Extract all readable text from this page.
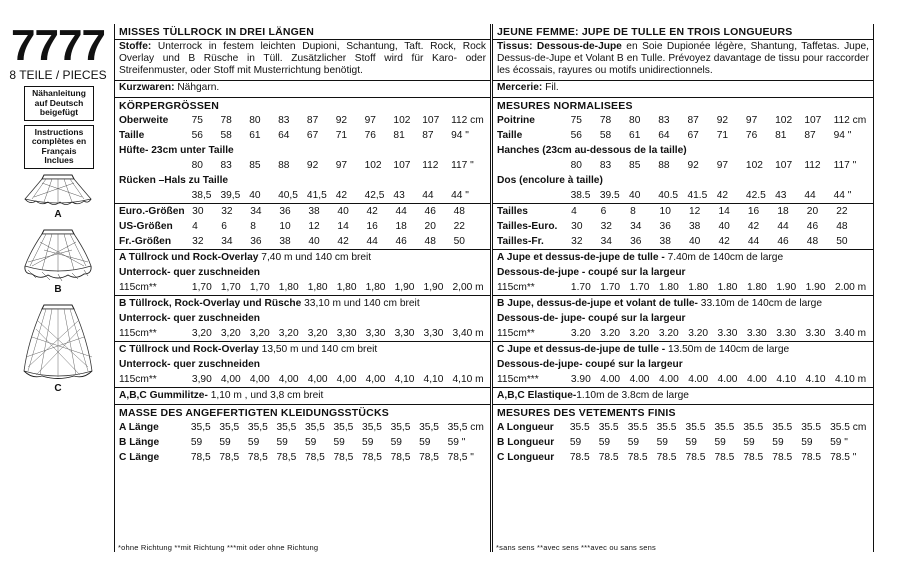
7777
8 TEILE / PIECES
Nähanleitung auf Deutsch beigefügt
Instructions complètes en Français Inclues
A
B
C
MISSES TÜLLROCK IN DREI LÄNGEN
Stoffe: Unterrock in festem leichten Dupioni, Schantung, Taft. Rock, Rock Overlay und B Rüsche in Tüll. Zusätzlicher Stoff wird für Karo- oder Streifenmuster, oder Stoff mit Musterrichtung benötigt.
Kurzwaren: Nähgarn.
KÖRPERGRÖSSEN
Oberweite	75	78	80	83	87	92	97	102	107	112 cm
Taille	56	58	61	64	67	71	76	81	87	94 "
Hüfte- 23cm unter Taille										
	80	83	85	88	92	97	102	107	112	117 "
Rücken –Hals zu Taille										
	38,5	39,5	40	40,5	41,5	42	42,5	43	44	44 "
Euro.-Größen	30	32	34	36	38	40	42	44	46	48
US-Größen	4	6	8	10	12	14	16	18	20	22
Fr.-Größen	32	34	36	38	40	42	44	46	48	50
A Tüllrock und Rock-Overlay 7,40 m und 140 cm breit
Unterrock- quer zuschneiden
115cm**	1,70	1,70	1,70	1,80	1,80	1,80	1,80	1,90	1,90	2,00 m
B Tüllrock, Rock-Overlay und Rüsche 33,10 m und 140 cm breit
Unterrock- quer zuschneiden
115cm**	3,20	3,20	3,20	3,20	3,20	3,30	3,30	3,30	3,30	3,40 m
C Tüllrock und Rock-Overlay 13,50 m und 140 cm breit
Unterrock- quer zuschneiden
115cm**	3,90	4,00	4,00	4,00	4,00	4,00	4,00	4,10	4,10	4,10 m
A,B,C Gummilitze- 1,10 m , und 3,8 cm breit
MASSE DES ANGEFERTIGTEN KLEIDUNGSSTÜCKS
A Länge	35,5	35,5	35,5	35,5	35,5	35,5	35,5	35,5	35,5	35,5 cm
B Länge	59	59	59	59	59	59	59	59	59	59 "
C Länge	78,5	78,5	78,5	78,5	78,5	78,5	78,5	78,5	78,5	78,5 "
JEUNE FEMME: JUPE DE TULLE EN TROIS LONGUEURS
Tissus: Dessous-de-Jupe en Soie Dupionée légère, Shantung, Taffetas. Jupe, Dessus-de-Jupe et Volant B en Tulle. Prévoyez davantage de tissu pour raccorder les écossais, rayures ou motifs unidirectionnels.
Mercerie: Fil.
MESURES NORMALISEES
Poitrine	75	78	80	83	87	92	97	102	107	112 cm
Taille	56	58	61	64	67	71	76	81	87	94 "
Hanches (23cm au-dessous de la taille)										
	80	83	85	88	92	97	102	107	112	117 "
Dos (encolure à taille)										
	38.5	39.5	40	40.5	41.5	42	42.5	43	44	44 "
Tailles	4	6	8	10	12	14	16	18	20	22
Tailles-Euro.	30	32	34	36	38	40	42	44	46	48
Tailles-Fr.	32	34	36	38	40	42	44	46	48	50
A Jupe et dessus-de-jupe de tulle - 7.40m de 140cm de large
Dessous-de-jupe - coupé sur la largeur
115cm**	1.70	1.70	1.70	1.80	1.80	1.80	1.80	1.90	1.90	2.00 m
B Jupe, dessus-de-jupe et volant de tulle- 33.10m de 140cm de large
Dessous-de- jupe- coupé sur la largeur
115cm**	3.20	3.20	3.20	3.20	3.20	3.30	3.30	3.30	3.30	3.40 m
C Jupe et dessus-de-jupe de tulle - 13.50m de 140cm de large
Dessous-de-jupe- coupé sur la largeur
115cm***	3.90	4.00	4.00	4.00	4.00	4.00	4.00	4.10	4.10	4.10 m
A,B,C Elastique-1.10m de 3.8cm de large
MESURES DES VETEMENTS FINIS
A Longueur	35.5	35.5	35.5	35.5	35.5	35.5	35.5	35.5	35.5	35.5 cm
B Longueur	59	59	59	59	59	59	59	59	59	59 "
C Longueur	78.5	78.5	78.5	78.5	78.5	78.5	78.5	78.5	78.5	78.5 "
*ohne Richtung **mit Richtung ***mit oder ohne Richtung	*sans sens **avec sens ***avec ou sans sens
